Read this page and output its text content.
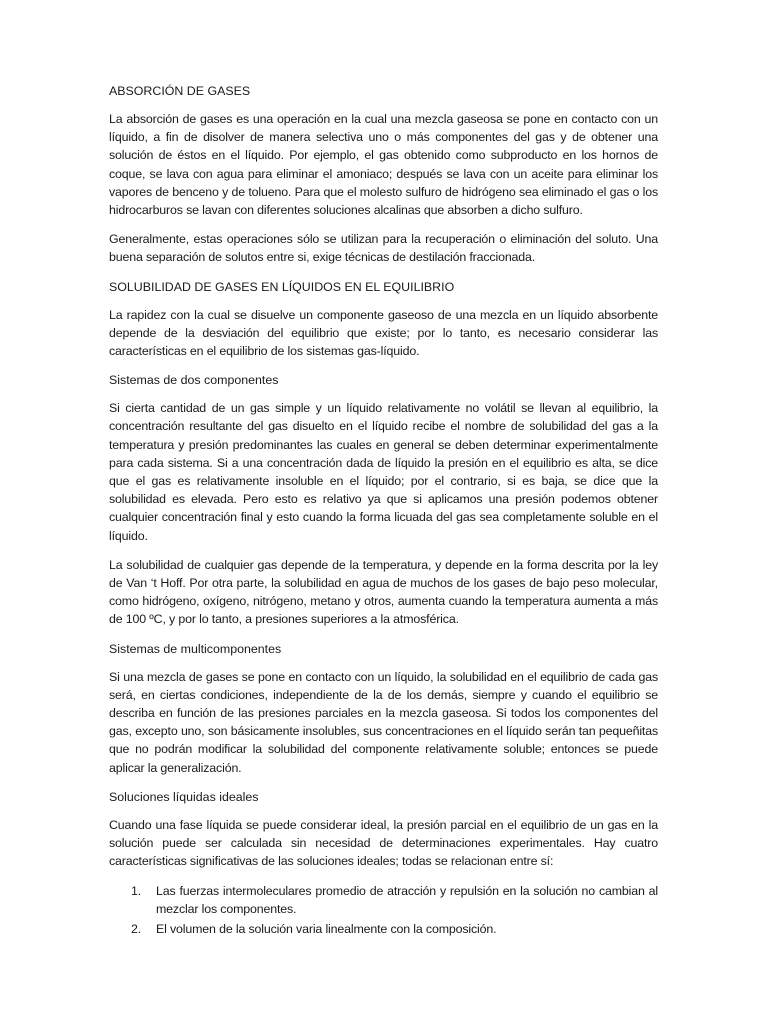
ABSORCIÓN DE GASES

La absorción de gases es una operación en la cual una mezcla gaseosa se pone en contacto con un líquido, a fin de disolver de manera selectiva uno o más componentes del gas y de obtener una solución de éstos en el líquido. Por ejemplo, el gas obtenido como subproducto en los hornos de coque, se lava con agua para eliminar el amoniaco; después se lava con un aceite para eliminar los vapores de benceno y de tolueno. Para que el molesto sulfuro de hidrógeno sea eliminado el gas o los hidrocarburos se lavan con diferentes soluciones alcalinas que absorben a dicho sulfuro.

Generalmente, estas operaciones sólo se utilizan para la recuperación o eliminación del soluto. Una buena separación de solutos entre si, exige técnicas de destilación fraccionada.

SOLUBILIDAD DE GASES EN LÍQUIDOS EN EL EQUILIBRIO

La rapidez con la cual se disuelve un componente gaseoso de una mezcla en un líquido absorbente depende de la desviación del equilibrio que existe; por lo tanto, es necesario considerar las características en el equilibrio de los sistemas gas-líquido.

Sistemas de dos componentes

Si cierta cantidad de un gas simple y un líquido relativamente no volátil se llevan al equilibrio, la concentración resultante del gas disuelto en el líquido recibe el nombre de solubilidad del gas a la temperatura y presión predominantes las cuales en general se deben determinar experimentalmente para cada sistema. Si a una concentración dada de líquido la presión en el equilibrio es alta, se dice que el gas es relativamente insoluble en el líquido; por el contrario, si es baja, se dice que la solubilidad es elevada. Pero esto es relativo ya que si aplicamos una presión podemos obtener cualquier concentración final y esto cuando la forma licuada del gas sea completamente soluble en el líquido.

La solubilidad de cualquier gas depende de la temperatura, y depende en la forma descrita por la ley de Van ‘t Hoff. Por otra parte, la solubilidad en agua de muchos de los gases de bajo peso molecular, como hidrógeno, oxígeno, nitrógeno, metano y otros, aumenta cuando la temperatura aumenta a más de 100 ºC, y por lo tanto, a presiones superiores a la atmosférica.

Sistemas de multicomponentes

Si una mezcla de gases se pone en contacto con un líquido, la solubilidad en el equilibrio de cada gas será, en ciertas condiciones, independiente de la de los demás, siempre y cuando el equilibrio se describa en función de las presiones parciales en la mezcla gaseosa. Si todos los componentes del gas, excepto uno, son básicamente insolubles, sus concentraciones en el líquido serán tan pequeñitas que no podrán modificar la solubilidad del componente relativamente soluble; entonces se puede aplicar la generalización.

Soluciones líquidas ideales

Cuando una fase líquida se puede considerar ideal, la presión parcial en el equilibrio de un gas en la solución puede ser calculada sin necesidad de determinaciones experimentales. Hay cuatro características significativas de las soluciones ideales; todas se relacionan entre sí:

1.	Las fuerzas intermoleculares promedio de atracción y repulsión en la solución no cambian al mezclar los componentes.
2.	El volumen de la solución varia linealmente con la composición.
